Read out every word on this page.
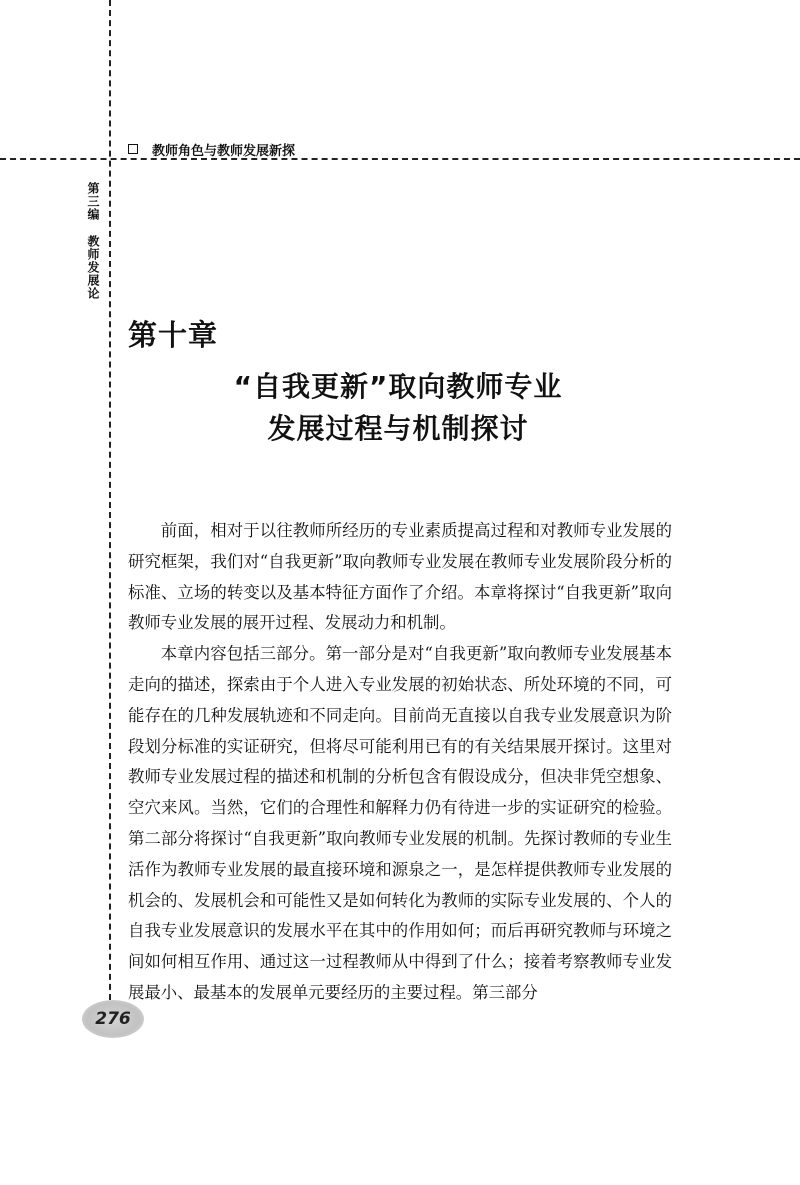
教师角色与教师发展新探
第三编教师发展论
第十章
“自我更新”取向教师专业
发展过程与机制探讨

前面，相对于以往教师所经历的专业素质提高过程和对教师专业发展的研究框架，我们对“自我更新”取向教师专业发展在教师专业发展阶段分析的标准、立场的转变以及基本特征方面作了介绍。本章将探讨“自我更新”取向教师专业发展的展开过程、发展动力和机制。

本章内容包括三部分。第一部分是对“自我更新”取向教师专业发展基本走向的描述，探索由于个人进入专业发展的初始状态、所处环境的不同，可能存在的几种发展轨迹和不同走向。目前尚无直接以自我专业发展意识为阶段划分标准的实证研究，但将尽可能利用已有的有关结果展开探讨。这里对教师专业发展过程的描述和机制的分析包含有假设成分，但决非凭空想象、空穴来风。当然，它们的合理性和解释力仍有待进一步的实证研究的检验。第二部分将探讨“自我更新”取向教师专业发展的机制。先探讨教师的专业生活作为教师专业发展的最直接环境和源泉之一，是怎样提供教师专业发展的机会的、发展机会和可能性又是如何转化为教师的实际专业发展的、个人的自我专业发展意识的发展水平在其中的作用如何；而后再研究教师与环境之间如何相互作用、通过这一过程教师从中得到了什么；接着考察教师专业发展最小、最基本的发展单元要经历的主要过程。第三部分

276
